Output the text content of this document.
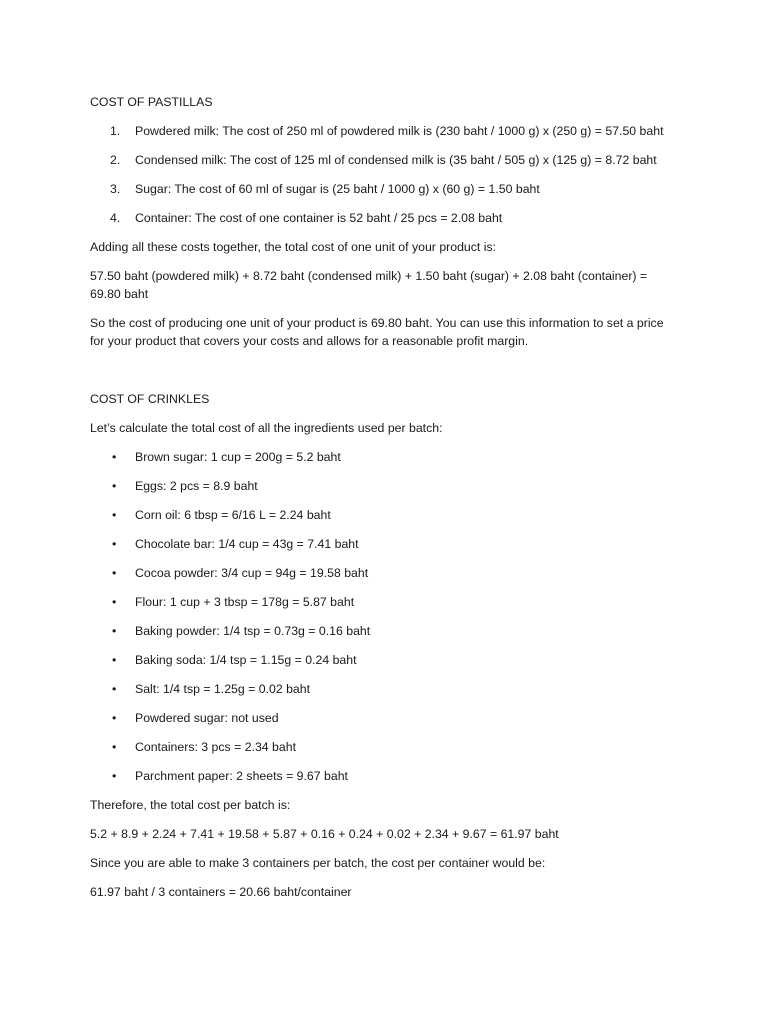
COST OF PASTILLAS
1.	Powdered milk: The cost of 250 ml of powdered milk is (230 baht / 1000 g) x (250 g) = 57.50 baht
2.	Condensed milk: The cost of 125 ml of condensed milk is (35 baht / 505 g) x (125 g) = 8.72 baht
3.	Sugar: The cost of 60 ml of sugar is (25 baht / 1000 g) x (60 g) = 1.50 baht
4.	Container: The cost of one container is 52 baht / 25 pcs = 2.08 baht

Adding all these costs together, the total cost of one unit of your product is:

57.50 baht (powdered milk) + 8.72 baht (condensed milk) + 1.50 baht (sugar) + 2.08 baht (container) = 69.80 baht

So the cost of producing one unit of your product is 69.80 baht. You can use this information to set a price for your product that covers your costs and allows for a reasonable profit margin.

COST OF CRINKLES

Let’s calculate the total cost of all the ingredients used per batch:

•	Brown sugar: 1 cup = 200g = 5.2 baht
•	Eggs: 2 pcs = 8.9 baht
•	Corn oil: 6 tbsp = 6/16 L = 2.24 baht
•	Chocolate bar: 1/4 cup = 43g = 7.41 baht
•	Cocoa powder: 3/4 cup = 94g = 19.58 baht
•	Flour: 1 cup + 3 tbsp = 178g = 5.87 baht
•	Baking powder: 1/4 tsp = 0.73g = 0.16 baht
•	Baking soda: 1/4 tsp = 1.15g = 0.24 baht
•	Salt: 1/4 tsp = 1.25g = 0.02 baht
•	Powdered sugar: not used
•	Containers: 3 pcs = 2.34 baht
•	Parchment paper: 2 sheets = 9.67 baht

Therefore, the total cost per batch is:

5.2 + 8.9 + 2.24 + 7.41 + 19.58 + 5.87 + 0.16 + 0.24 + 0.02 + 2.34 + 9.67 = 61.97 baht

Since you are able to make 3 containers per batch, the cost per container would be:

61.97 baht / 3 containers = 20.66 baht/container
